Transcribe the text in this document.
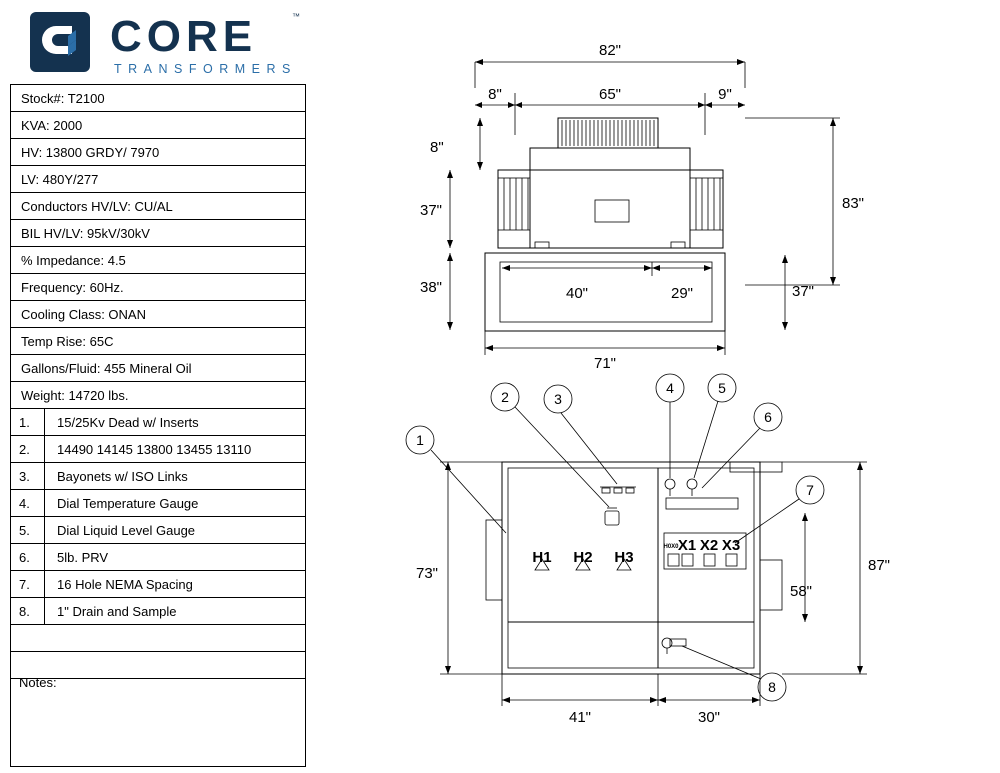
CORE	™
TRANSFORMERS
Stock#: T2100
KVA: 2000
HV: 13800 GRDY/ 7970
LV: 480Y/277
Conductors HV/LV: CU/AL
BIL HV/LV: 95kV/30kV
% Impedance: 4.5
Frequency: 60Hz.
Cooling Class: ONAN
Temp Rise: 65C
Gallons/Fluid: 455 Mineral Oil
Weight: 14720 lbs.
1.	15/25Kv Dead w/ Inserts
2.	14490 14145 13800 13455 13110
3.	Bayonets w/ ISO Links
4.	Dial Temperature Gauge
5.	Dial Liquid Level Gauge
6.	5lb. PRV
7.	16 Hole NEMA Spacing
8.	1" Drain and Sample
Notes:
82"
8"	65"	9"
8"
37"
38"
83"
37"
40"	29"
71"
H1 H2 H3
H0X0 X1 X2 X3
73"	87"
58"
41"	30"
1
2	3
4	5
6
7
8
